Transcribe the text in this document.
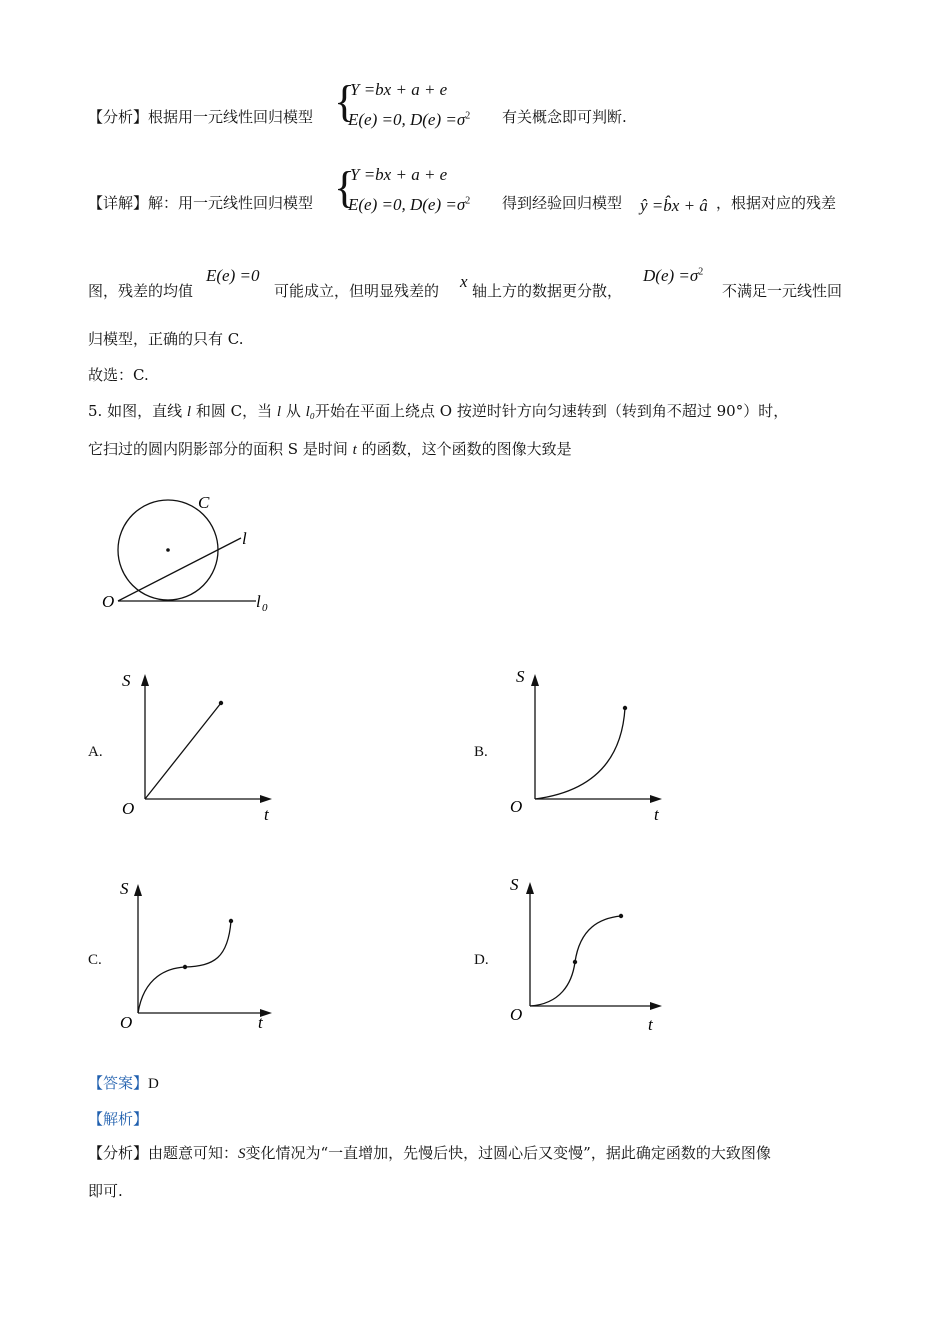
【分析】根据用一元线性回归模型 {
Y =bx + a + e
E(e) =0, $D(e) =\sigma^2$ 有关概念即可判断.
【详解】解：用一元线性回归模型 {
Y =bx + a + e
E(e) =0, $D(e) =\sigma^2$ 得到经验回归模型 ŷ =b̂x + â ，根据对应的残差
图，残差的均值
E(e) =0
可能成立，但明显残差的 x 轴上方的数据更分散，
$D(e) =\sigma^2$
不满足一元线性回
归模型，正确的只有 C.
故选：C.
5. 如图，直线 l 和圆 C，当 l 从 l₀开始在平面上绕点 O 按逆时针方向匀速转到（转到角不超过 90°）时，
它扫过的圆内阴影部分的面积 S 是时间 t 的函数，这个函数的图像大致是
C
l
O	l 0
A.
S
O	t
B.
S
O	t
C.
S
O	t
D.
S
O
t
【答案】D
【解析】
【分析】由题意可知：S变化情况为“一直增加，先慢后快，过圆心后又变慢”，据此确定函数的大致图像
即可.
